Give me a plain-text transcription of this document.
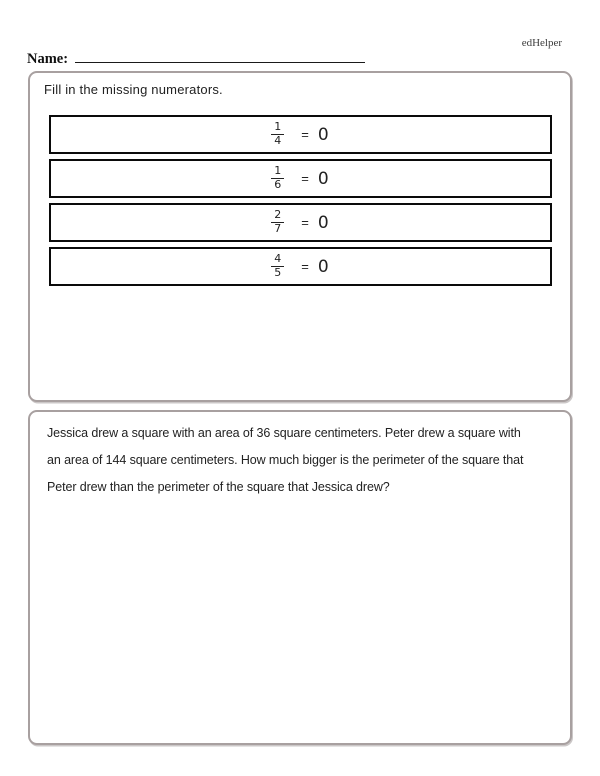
edHelper
Name:
Fill in the missing numerators.
$\frac{1}{4} = 0$
$\frac{1}{6} = 0$
$\frac{2}{7} = 0$
$\frac{4}{5} = 0$
Jessica drew a square with an area of 36 square centimeters. Peter drew a square with
an area of 144 square centimeters. How much bigger is the perimeter of the square that
Peter drew than the perimeter of the square that Jessica drew?
